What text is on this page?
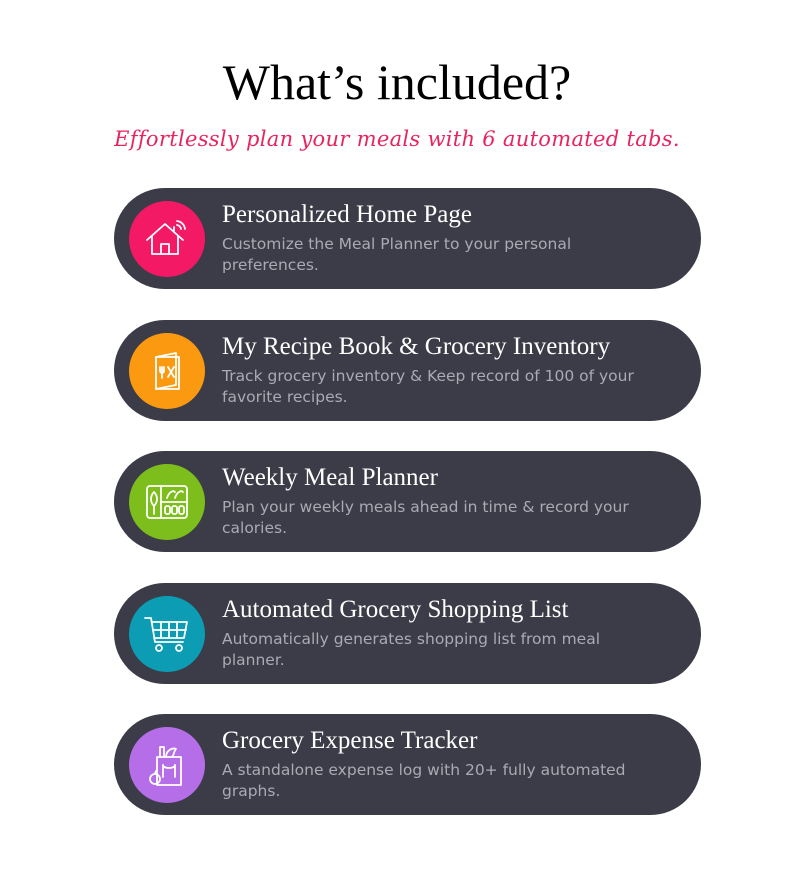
What’s included?
Effortlessly plan your meals with 6 automated tabs.
Personalized Home Page
Customize the Meal Planner to your personal preferences.
My Recipe Book & Grocery Inventory
Track grocery inventory & Keep record of 100 of your favorite recipes.
Weekly Meal Planner
Plan your weekly meals ahead in time & record your calories.
Automated Grocery Shopping List
Automatically generates shopping list from meal planner.
Grocery Expense Tracker
A standalone expense log with 20+ fully automated graphs.
